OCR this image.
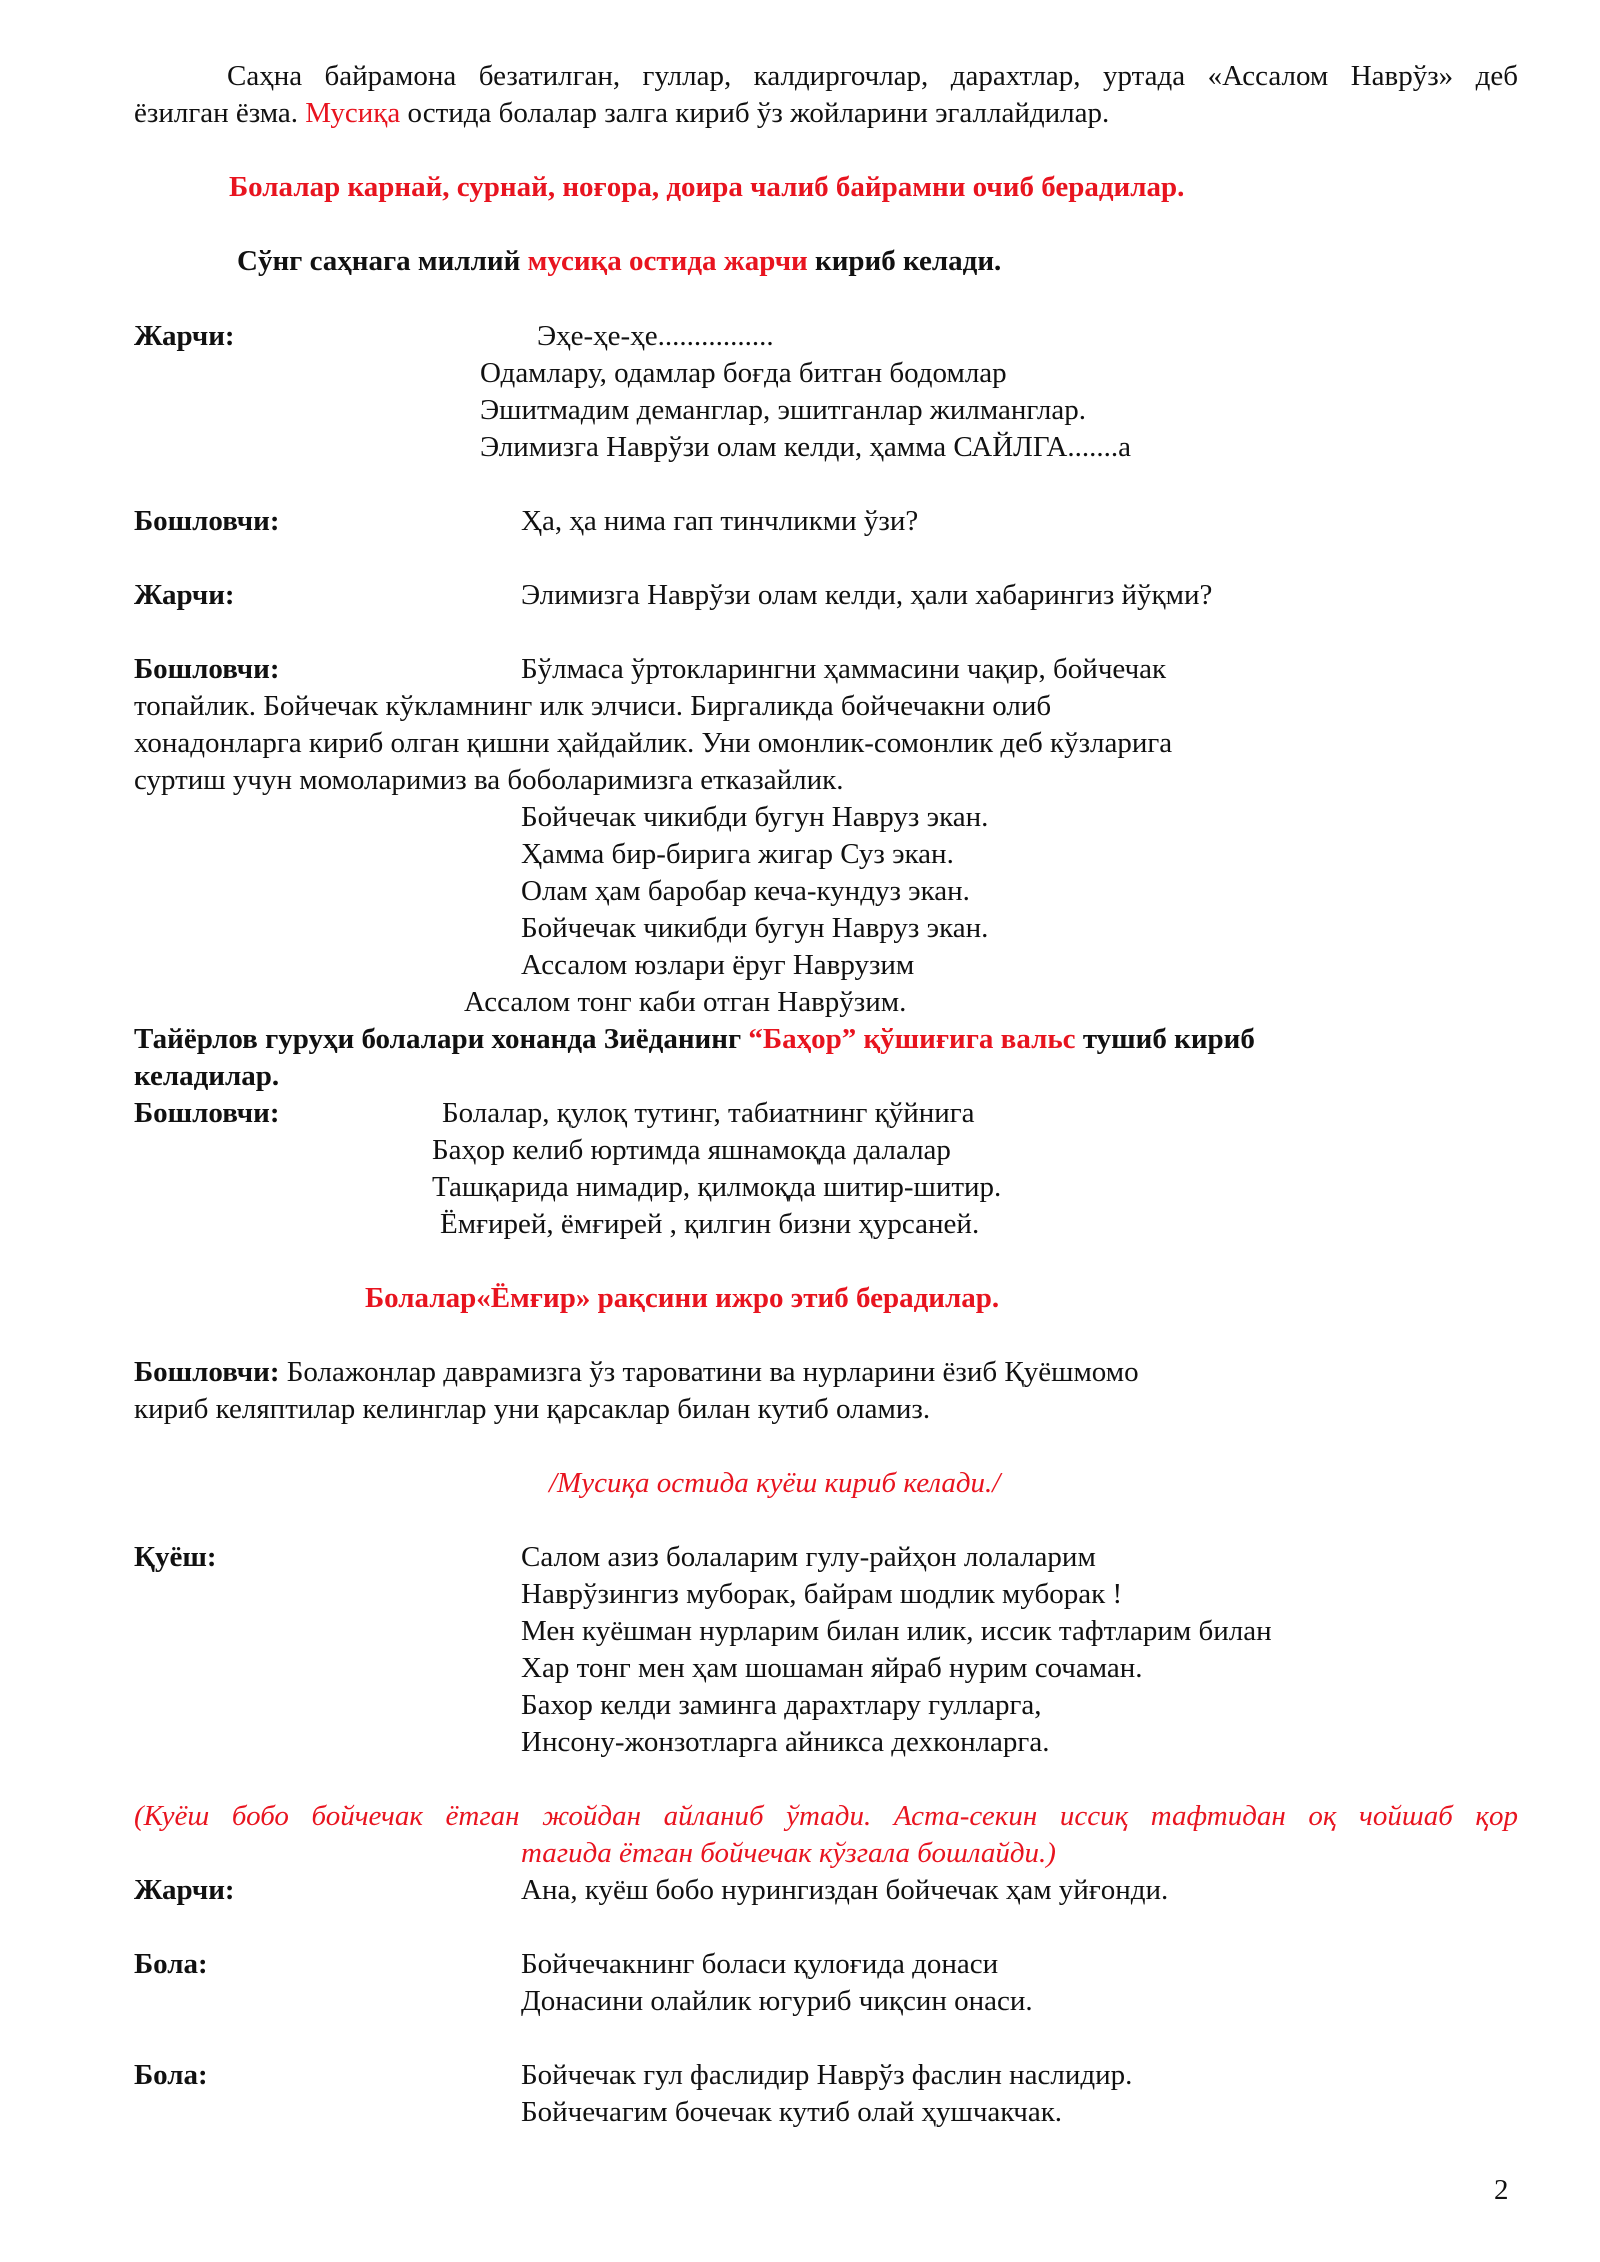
Саҳна байрамона безатилган, гуллар, калдиргочлар, дарахтлар, уртада «Ассалом Наврўз» деб
ёзилган ёзма. Мусиқа остида болалар залга кириб ўз жойларини эгаллайдилар.
Болалар карнай, сурнай, ноғора, доира чалиб байрамни очиб берадилар.
Сўнг саҳнага миллий мусиқа остида жарчи кириб келади.
Жарчи:	Эҳе-ҳе-ҳе................
Одамлару, одамлар боғда битган бодомлар
Эшитмадим деманглар, эшитганлар жилманглар.
Элимизга Наврўзи олам келди, ҳамма САЙЛГА.......а
Бошловчи:	Ҳа, ҳа нима гап тинчликми ўзи?
Жарчи:	Элимизга Наврўзи олам келди, ҳали хабарингиз йўқми?
Бошловчи:	Бўлмаса ўртокларингни ҳаммасини чақир, бойчечак
топайлик. Бойчечак кўкламнинг илк элчиси. Биргаликда бойчечакни олиб
хонадонларга кириб олган қишни ҳайдайлик. Уни омонлик-сомонлик деб кўзларига
суртиш учун момоларимиз ва боболаримизга етказайлик.
Бойчечак чикибди бугун Навруз экан.
Ҳамма бир-бирига жигар Суз экан.
Олам ҳам баробар кеча-кундуз экан.
Бойчечак чикибди бугун Навруз экан.
Ассалом юзлари ёруг Наврузим
Ассалом тонг каби отган Наврўзим.
Тайёрлов гуруҳи болалари хонанда Зиёданинг “Баҳор” қўшиғига вальс тушиб кириб
келадилар.
Бошловчи:	Болалар, қулоқ тутинг, табиатнинг қўйнига
Баҳор келиб юртимда яшнамоқда далалар
Ташқарида нимадир, қилмоқда шитир-шитир.
Ёмғирей, ёмғирей , қилгин бизни ҳурсаней.
Болалар«Ёмғир» рақсини ижро этиб берадилар.
Бошловчи: Болажонлар даврамизга ўз тароватини ва нурларини ёзиб Қуёшмомо
кириб келяптилар келинглар уни қарсаклар билан кутиб оламиз.
/Мусиқа остида куёш кириб келади./
Қуёш:	Салом азиз болаларим гулу-райҳон лолаларим
Наврўзингиз муборак, байрам шодлик муборак !
Мен куёшман нурларим билан илик, иссик тафтларим билан
Хар тонг мен ҳам шошаман яйраб нурим сочаман.
Бахор келди заминга дарахтлару гулларга,
Инсону-жонзотларга айникса дехконларга.
(Куёш бобо бойчечак ётган жойдан айланиб ўтади. Аста-секин иссиқ тафтидан оқ чойшаб қор
тагида ётган бойчечак кўзгала бошлайди.)
Жарчи:	Ана, куёш бобо нурингиздан бойчечак ҳам уйғонди.
Бола:	Бойчечакнинг боласи қулоғида донаси
Донасини олайлик югуриб чиқсин онаси.
Бола:	Бойчечак гул фаслидир Наврўз фаслин наслидир.
Бойчечагим бочечак кутиб олай ҳушчакчак.
2
